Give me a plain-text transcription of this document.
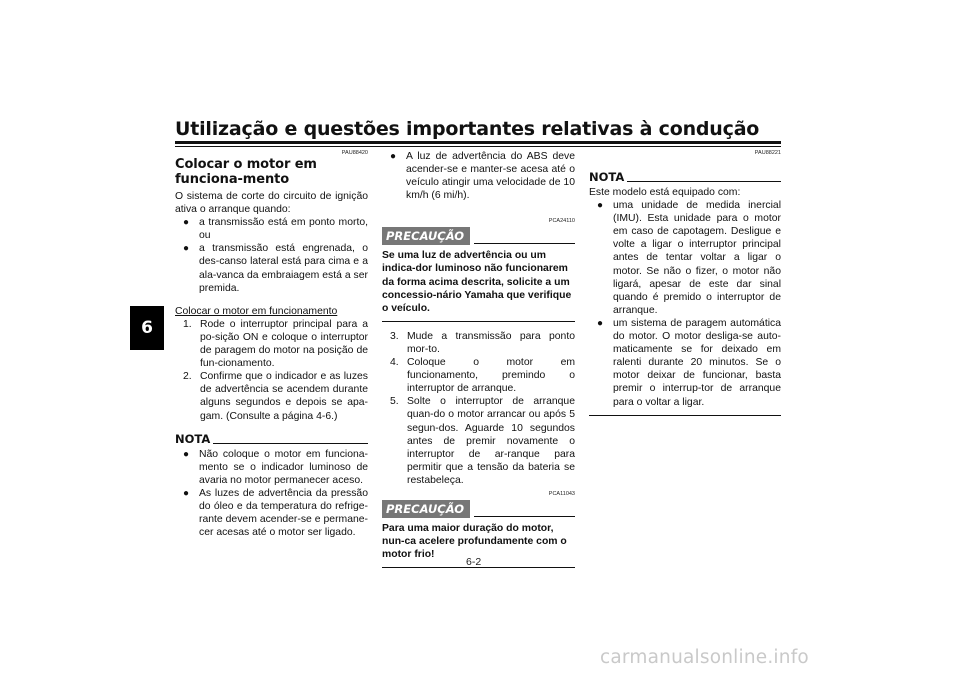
Utilização e questões importantes relativas à condução
6
PAU88420
Colocar o motor em funciona-mento

O sistema de corte do circuito de ignição ativa o arranque quando:

● a transmissão está em ponto morto, ou
● a transmissão está engrenada, o des-canso lateral está para cima e a ala-vanca da embraiagem está a ser premida.

Colocar o motor em funcionamento

1. Rode o interruptor principal para a po-sição ON e coloque o interruptor de paragem do motor na posição de fun-cionamento.
2. Confirme que o indicador e as luzes de advertência se acendem durante alguns segundos e depois se apa-gam. (Consulte a página 4-6.)
NOTA
● Não coloque o motor em funciona-mento se o indicador luminoso de avaria no motor permanecer aceso.
● As luzes de advertência da pressão do óleo e da temperatura do refrige-rante devem acender-se e permane-cer acesas até o motor ser ligado.
● A luz de advertência do ABS deve acender-se e manter-se acesa até o veículo atingir uma velocidade de 10 km/h (6 mi/h).
PCA24110
PRECAUÇÃO

Se uma luz de advertência ou um indica-dor luminoso não funcionarem da forma acima descrita, solicite a um concessio-nário Yamaha que verifique o veículo.

3. Mude a transmissão para ponto mor-to.
4. Coloque o motor em funcionamento, premindo o interruptor de arranque.
5. Solte o interruptor de arranque quan-do o motor arrancar ou após 5 segun-dos. Aguarde 10 segundos antes de premir novamente o interruptor de ar-ranque para permitir que a tensão da bateria se restabeleça.
PCA11043
PRECAUÇÃO

Para uma maior duração do motor, nun-ca acelere profundamente com o motor frio!

PAU88221
NOTA

Este modelo está equipado com:

● uma unidade de medida inercial (IMU). Esta unidade para o motor em caso de capotagem. Desligue e volte a ligar o interruptor principal antes de tentar voltar a ligar o motor. Se não o fizer, o motor não ligará, apesar de este dar sinal quando é premido o interruptor de arranque.
● um sistema de paragem automática do motor. O motor desliga-se auto-maticamente se for deixado em ralenti durante 20 minutos. Se o motor deixar de funcionar, basta premir o interrup-tor de arranque para o voltar a ligar.
6-2
carmanualsonline.info
